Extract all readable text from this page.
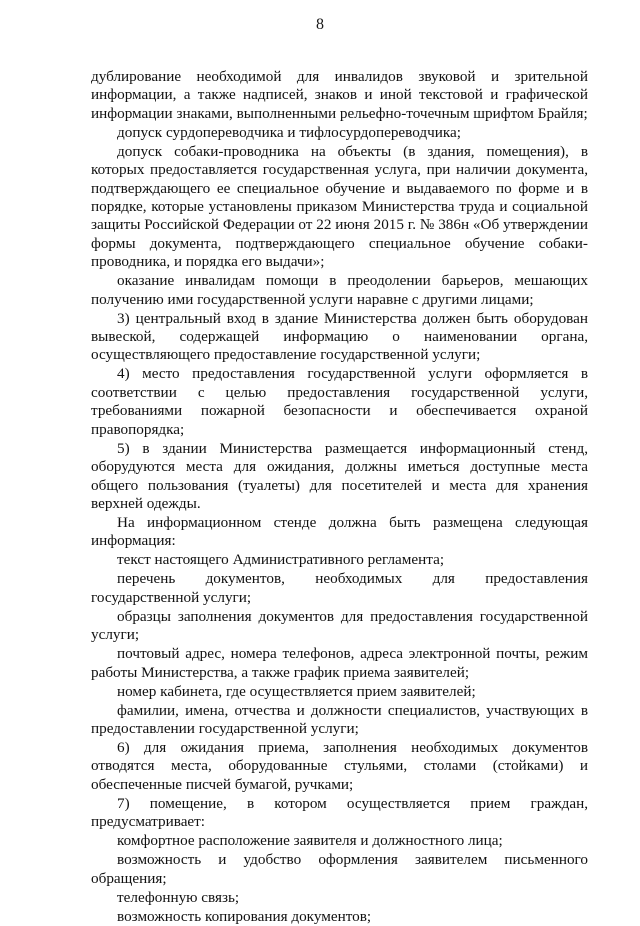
8

дублирование необходимой для инвалидов звуковой и зрительной информации, а также надписей, знаков и иной текстовой и графической информации знаками, выполненными рельефно-точечным шрифтом Брайля;

допуск сурдопереводчика и тифлосурдопереводчика;

допуск собаки-проводника на объекты (в здания, помещения), в которых предоставляется государственная услуга, при наличии документа, подтверждающего ее специальное обучение и выдаваемого по форме и в порядке, которые установлены приказом Министерства труда и социальной защиты Российской Федерации от 22 июня 2015 г. № 386н «Об утверждении формы документа, подтверждающего специальное обучение собаки-проводника, и порядка его выдачи»;

оказание инвалидам помощи в преодолении барьеров, мешающих получению ими государственной услуги наравне с другими лицами;

3) центральный вход в здание Министерства должен быть оборудован вывеской, содержащей информацию о наименовании органа, осуществляющего предоставление государственной услуги;

4) место предоставления государственной услуги оформляется в соответствии с целью предоставления государственной услуги, требованиями пожарной безопасности и обеспечивается охраной правопорядка;

5) в здании Министерства размещается информационный стенд, оборудуются места для ожидания, должны иметься доступные места общего пользования (туалеты) для посетителей и места для хранения верхней одежды.

На информационном стенде должна быть размещена следующая информация:

текст настоящего Административного регламента;

перечень документов, необходимых для предоставления государственной услуги;

образцы заполнения документов для предоставления государственной услуги;

почтовый адрес, номера телефонов, адреса электронной почты, режим работы Министерства, а также график приема заявителей;

номер кабинета, где осуществляется прием заявителей;

фамилии, имена, отчества и должности специалистов, участвующих в предоставлении государственной услуги;

6) для ожидания приема, заполнения необходимых документов отводятся места, оборудованные стульями, столами (стойками) и обеспеченные писчей бумагой, ручками;

7) помещение, в котором осуществляется прием граждан, предусматривает:

комфортное расположение заявителя и должностного лица;

возможность и удобство оформления заявителем письменного обращения;

телефонную связь;

возможность копирования документов;
